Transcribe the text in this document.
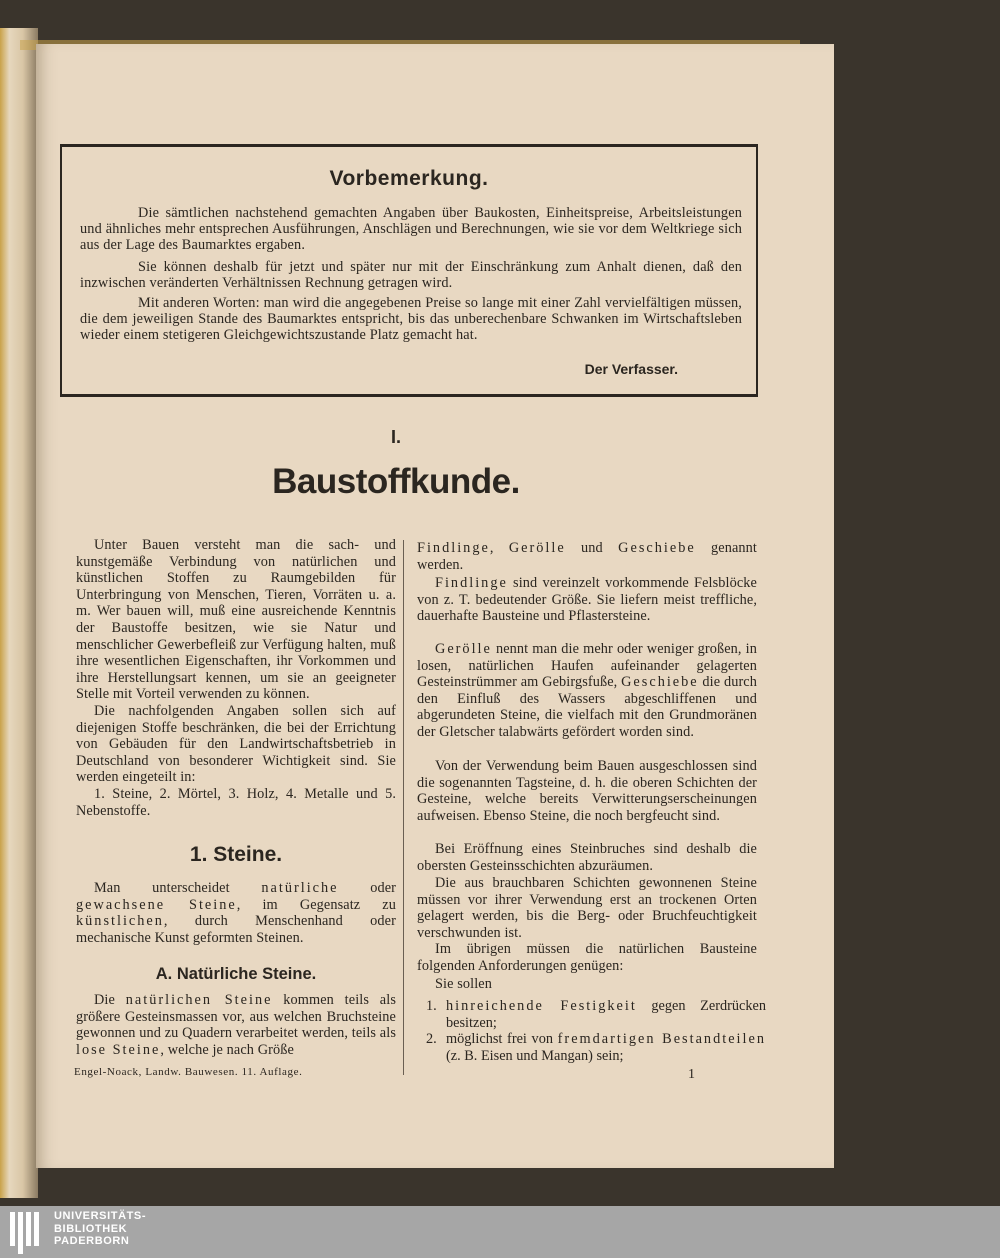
Vorbemerkung.

Die sämtlichen nachstehend gemachten Angaben über Baukosten, Einheitspreise, Arbeitsleistungen und ähnliches mehr entsprechen Ausführungen, Anschlägen und Berechnungen, wie sie vor dem Weltkriege sich aus der Lage des Baumarktes ergaben.

Sie können deshalb für jetzt und später nur mit der Einschränkung zum Anhalt dienen, daß den inzwischen veränderten Verhältnissen Rechnung getragen wird.

Mit anderen Worten: man wird die angegebenen Preise so lange mit einer Zahl vervielfältigen müssen, die dem jeweiligen Stande des Baumarktes entspricht, bis das unberechenbare Schwanken im Wirtschaftsleben wieder einem stetigeren Gleichgewichtszustande Platz gemacht hat.

Der Verfasser.
I.
Baustoffkunde.

Unter Bauen versteht man die sach- und kunstgemäße Verbindung von natürlichen und künstlichen Stoffen zu Raumgebilden für Unterbringung von Menschen, Tieren, Vorräten u. a. m. Wer bauen will, muß eine ausreichende Kenntnis der Baustoffe besitzen, wie sie Natur und menschlicher Gewerbefleiß zur Verfügung halten, muß ihre wesentlichen Eigenschaften, ihr Vorkommen und ihre Herstellungsart kennen, um sie an geeigneter Stelle mit Vorteil verwenden zu können.

Die nachfolgenden Angaben sollen sich auf diejenigen Stoffe beschränken, die bei der Errichtung von Gebäuden für den Landwirtschaftsbetrieb in Deutschland von besonderer Wichtigkeit sind. Sie werden eingeteilt in:

1. Steine, 2. Mörtel, 3. Holz, 4. Metalle und 5. Nebenstoffe.

1. Steine.

Man unterscheidet natürliche oder gewachsene Steine, im Gegensatz zu künstlichen, durch Menschenhand oder mechanische Kunst geformten Steinen.

A. Natürliche Steine.

Die natürlichen Steine kommen teils als größere Gesteinsmassen vor, aus welchen Bruchsteine gewonnen und zu Quadern verarbeitet werden, teils als lose Steine, welche je nach Größe

Findlinge, Gerölle und Geschiebe genannt werden.

Findlinge sind vereinzelt vorkommende Felsblöcke von z. T. bedeutender Größe. Sie liefern meist treffliche, dauerhafte Bausteine und Pflastersteine.

Gerölle nennt man die mehr oder weniger großen, in losen, natürlichen Haufen aufeinander gelagerten Gesteinstrümmer am Gebirgsfuße, Geschiebe die durch den Einfluß des Wassers abgeschliffenen und abgerundeten Steine, die vielfach mit den Grundmoränen der Gletscher talabwärts gefördert worden sind.

Von der Verwendung beim Bauen ausgeschlossen sind die sogenannten Tagsteine, d. h. die oberen Schichten der Gesteine, welche bereits Verwitterungserscheinungen aufweisen. Ebenso Steine, die noch bergfeucht sind.

Bei Eröffnung eines Steinbruches sind deshalb die obersten Gesteinsschichten abzuräumen.

Die aus brauchbaren Schichten gewonnenen Steine müssen vor ihrer Verwendung erst an trockenen Orten gelagert werden, bis die Berg- oder Bruchfeuchtigkeit verschwunden ist.

Im übrigen müssen die natürlichen Bausteine folgenden Anforderungen genügen:

Sie sollen

1. hinreichende Festigkeit gegen Zerdrücken besitzen;
2. möglichst frei von fremdartigen Bestandteilen (z. B. Eisen und Mangan) sein;
Engel-Noack, Landw. Bauwesen. 11. Auflage.	1
UNIVERSITÄTS-
BIBLIOTHEK
PADERBORN
